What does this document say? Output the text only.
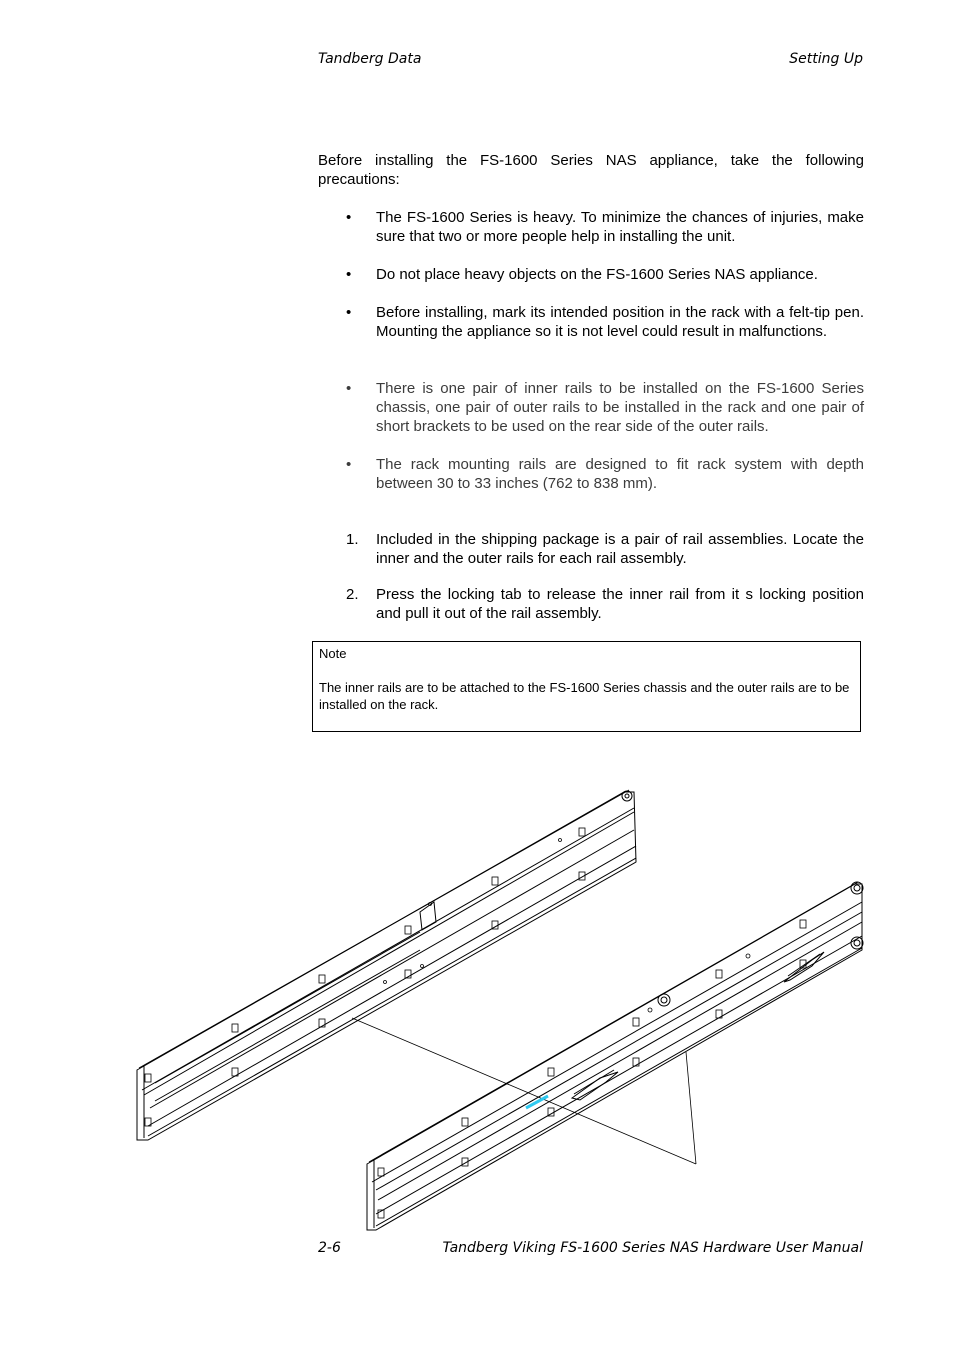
Tandberg Data	Setting Up
Before installing the FS-1600 Series NAS appliance, take the following precautions:
• The FS-1600 Series is heavy. To minimize the chances of injuries, make sure that two or more people help in installing the unit.
• Do not place heavy objects on the FS-1600 Series NAS appliance.
• Before installing, mark its intended position in the rack with a felt-tip pen. Mounting the appliance so it is not level could result in malfunctions.
• There is one pair of inner rails to be installed on the FS-1600 Series chassis, one pair of outer rails to be installed in the rack and one pair of short brackets to be used on the rear side of the outer rails.
• The rack mounting rails are designed to fit rack system with depth between 30 to 33 inches (762 to 838 mm).
1. Included in the shipping package is a pair of rail assemblies. Locate the inner and the outer rails for each rail assembly.
2. Press the locking tab to release the inner rail from it s locking position and pull it out of the rail assembly.
Note
The inner rails are to be attached to the FS-1600 Series chassis and the outer rails are to be installed on the rack.
2-6	Tandberg Viking FS-1600 Series NAS Hardware User Manual
